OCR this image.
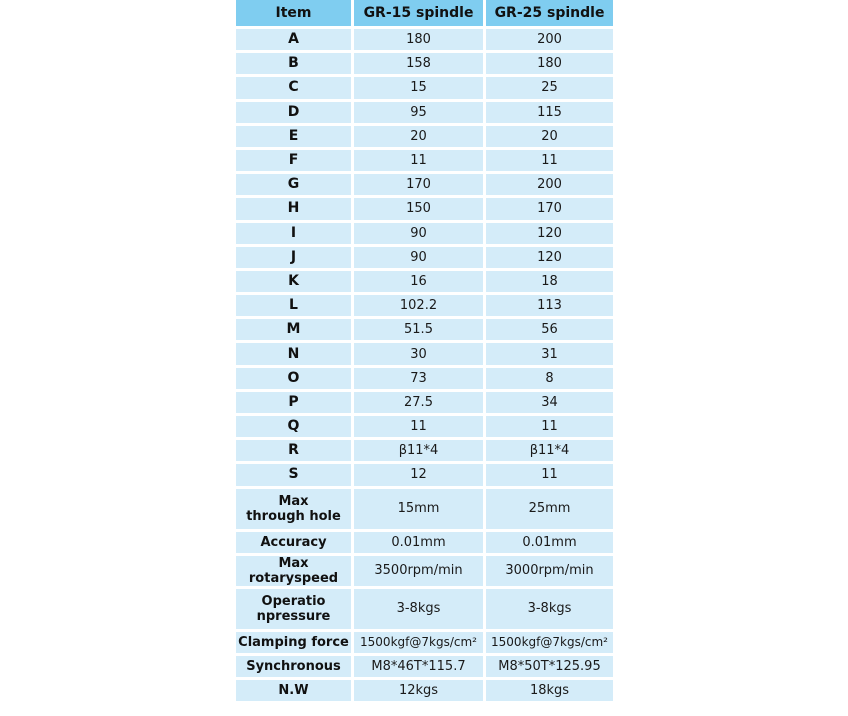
Item	GR-15 spindle	GR-25 spindle
A	180	200
B	158	180
C	15	25
D	95	115
E	20	20
F	11	11
G	170	200
H	150	170
I	90	120
J	90	120
K	16	18
L	102.2	113
M	51.5	56
N	30	31
O	73	8
P	27.5	34
Q	11	11
R	β11*4	β11*4
S	12	11
Max
through hole	15mm	25mm
Accuracy	0.01mm	0.01mm
Max rotaryspeed	3500rpm/min	3000rpm/min
Operatio
npressure	3-8kgs	3-8kgs
Clamping force	1500kgf@7kgs/cm²	1500kgf@7kgs/cm²
Synchronous	M8*46T*115.7	M8*50T*125.95
N.W	12kgs	18kgs
